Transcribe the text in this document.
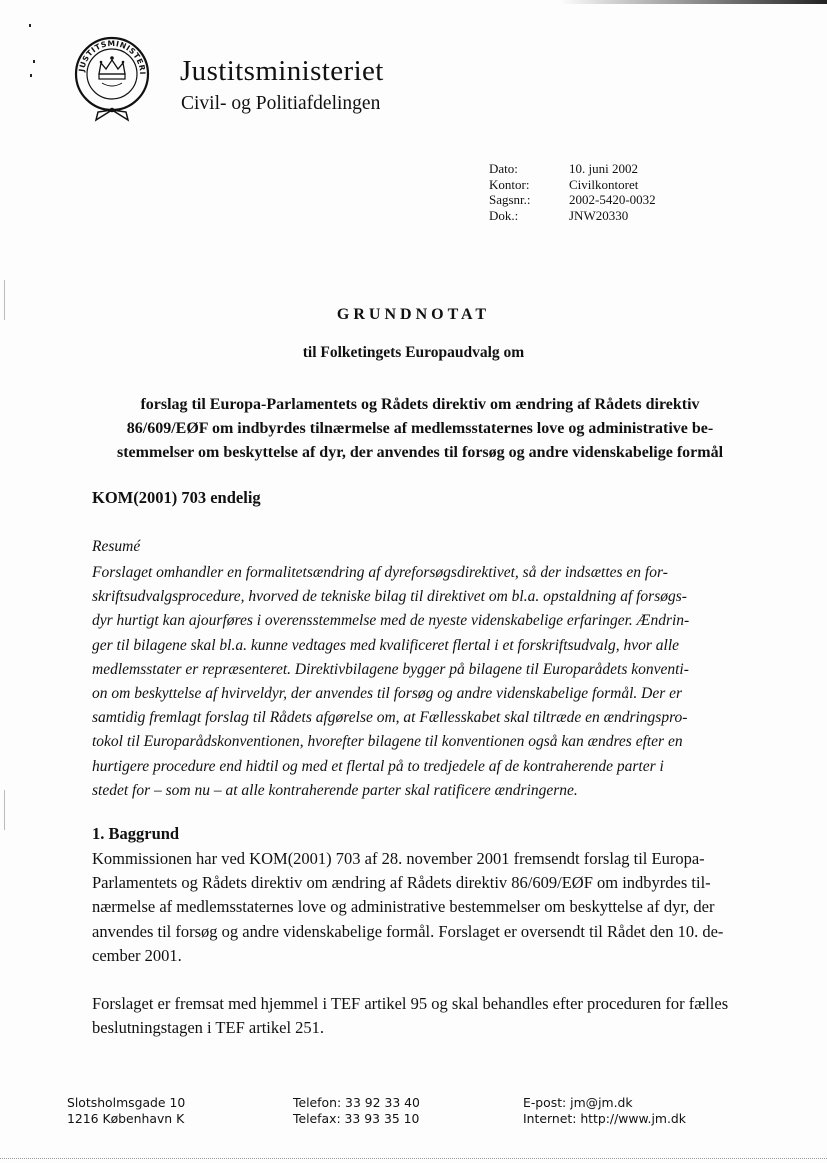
JUSTITSMINISTERI Justitsministeriet
Civil- og Politiafdelingen
Dato:	10. juni 2002
Kontor:	Civilkontoret
Sagsnr.:	2002-5420-0032
Dok.:	JNW20330
GRUNDNOTAT
til Folketingets Europaudvalg om
forslag til Europa-Parlamentets og Rådets direktiv om ændring af Rådets direktiv
86/609/EØF om indbyrdes tilnærmelse af medlemsstaternes love og administrative be-
stemmelser om beskyttelse af dyr, der anvendes til forsøg og andre videnskabelige formål
KOM(2001) 703 endelig
Resumé
Forslaget omhandler en formalitetsændring af dyreforsøgsdirektivet, så der indsættes en for-
skriftsudvalgsprocedure, hvorved de tekniske bilag til direktivet om bl.a. opstaldning af forsøgs-
dyr hurtigt kan ajourføres i overensstemmelse med de nyeste videnskabelige erfaringer. Ændrin-
ger til bilagene skal bl.a. kunne vedtages med kvalificeret flertal i et forskriftsudvalg, hvor alle
medlemsstater er repræsenteret. Direktivbilagene bygger på bilagene til Europarådets konventi-
on om beskyttelse af hvirveldyr, der anvendes til forsøg og andre videnskabelige formål. Der er
samtidig fremlagt forslag til Rådets afgørelse om, at Fællesskabet skal tiltræde en ændringspro-
tokol til Europarådskonventionen, hvorefter bilagene til konventionen også kan ændres efter en
hurtigere procedure end hidtil og med et flertal på to tredjedele af de kontraherende parter i
stedet for – som nu – at alle kontraherende parter skal ratificere ændringerne.
1. Baggrund
Kommissionen har ved KOM(2001) 703 af 28. november 2001 fremsendt forslag til Europa-
Parlamentets og Rådets direktiv om ændring af Rådets direktiv 86/609/EØF om indbyrdes til-
nærmelse af medlemsstaternes love og administrative bestemmelser om beskyttelse af dyr, der
anvendes til forsøg og andre videnskabelige formål. Forslaget er oversendt til Rådet den 10. de-
cember 2001.
Forslaget er fremsat med hjemmel i TEF artikel 95 og skal behandles efter proceduren for fælles
beslutningstagen i TEF artikel 251.
Slotsholmsgade 10
1216 København K
Telefon: 33 92 33 40
Telefax: 33 93 35 10
E-post: jm@jm.dk
Internet: http://www.jm.dk
